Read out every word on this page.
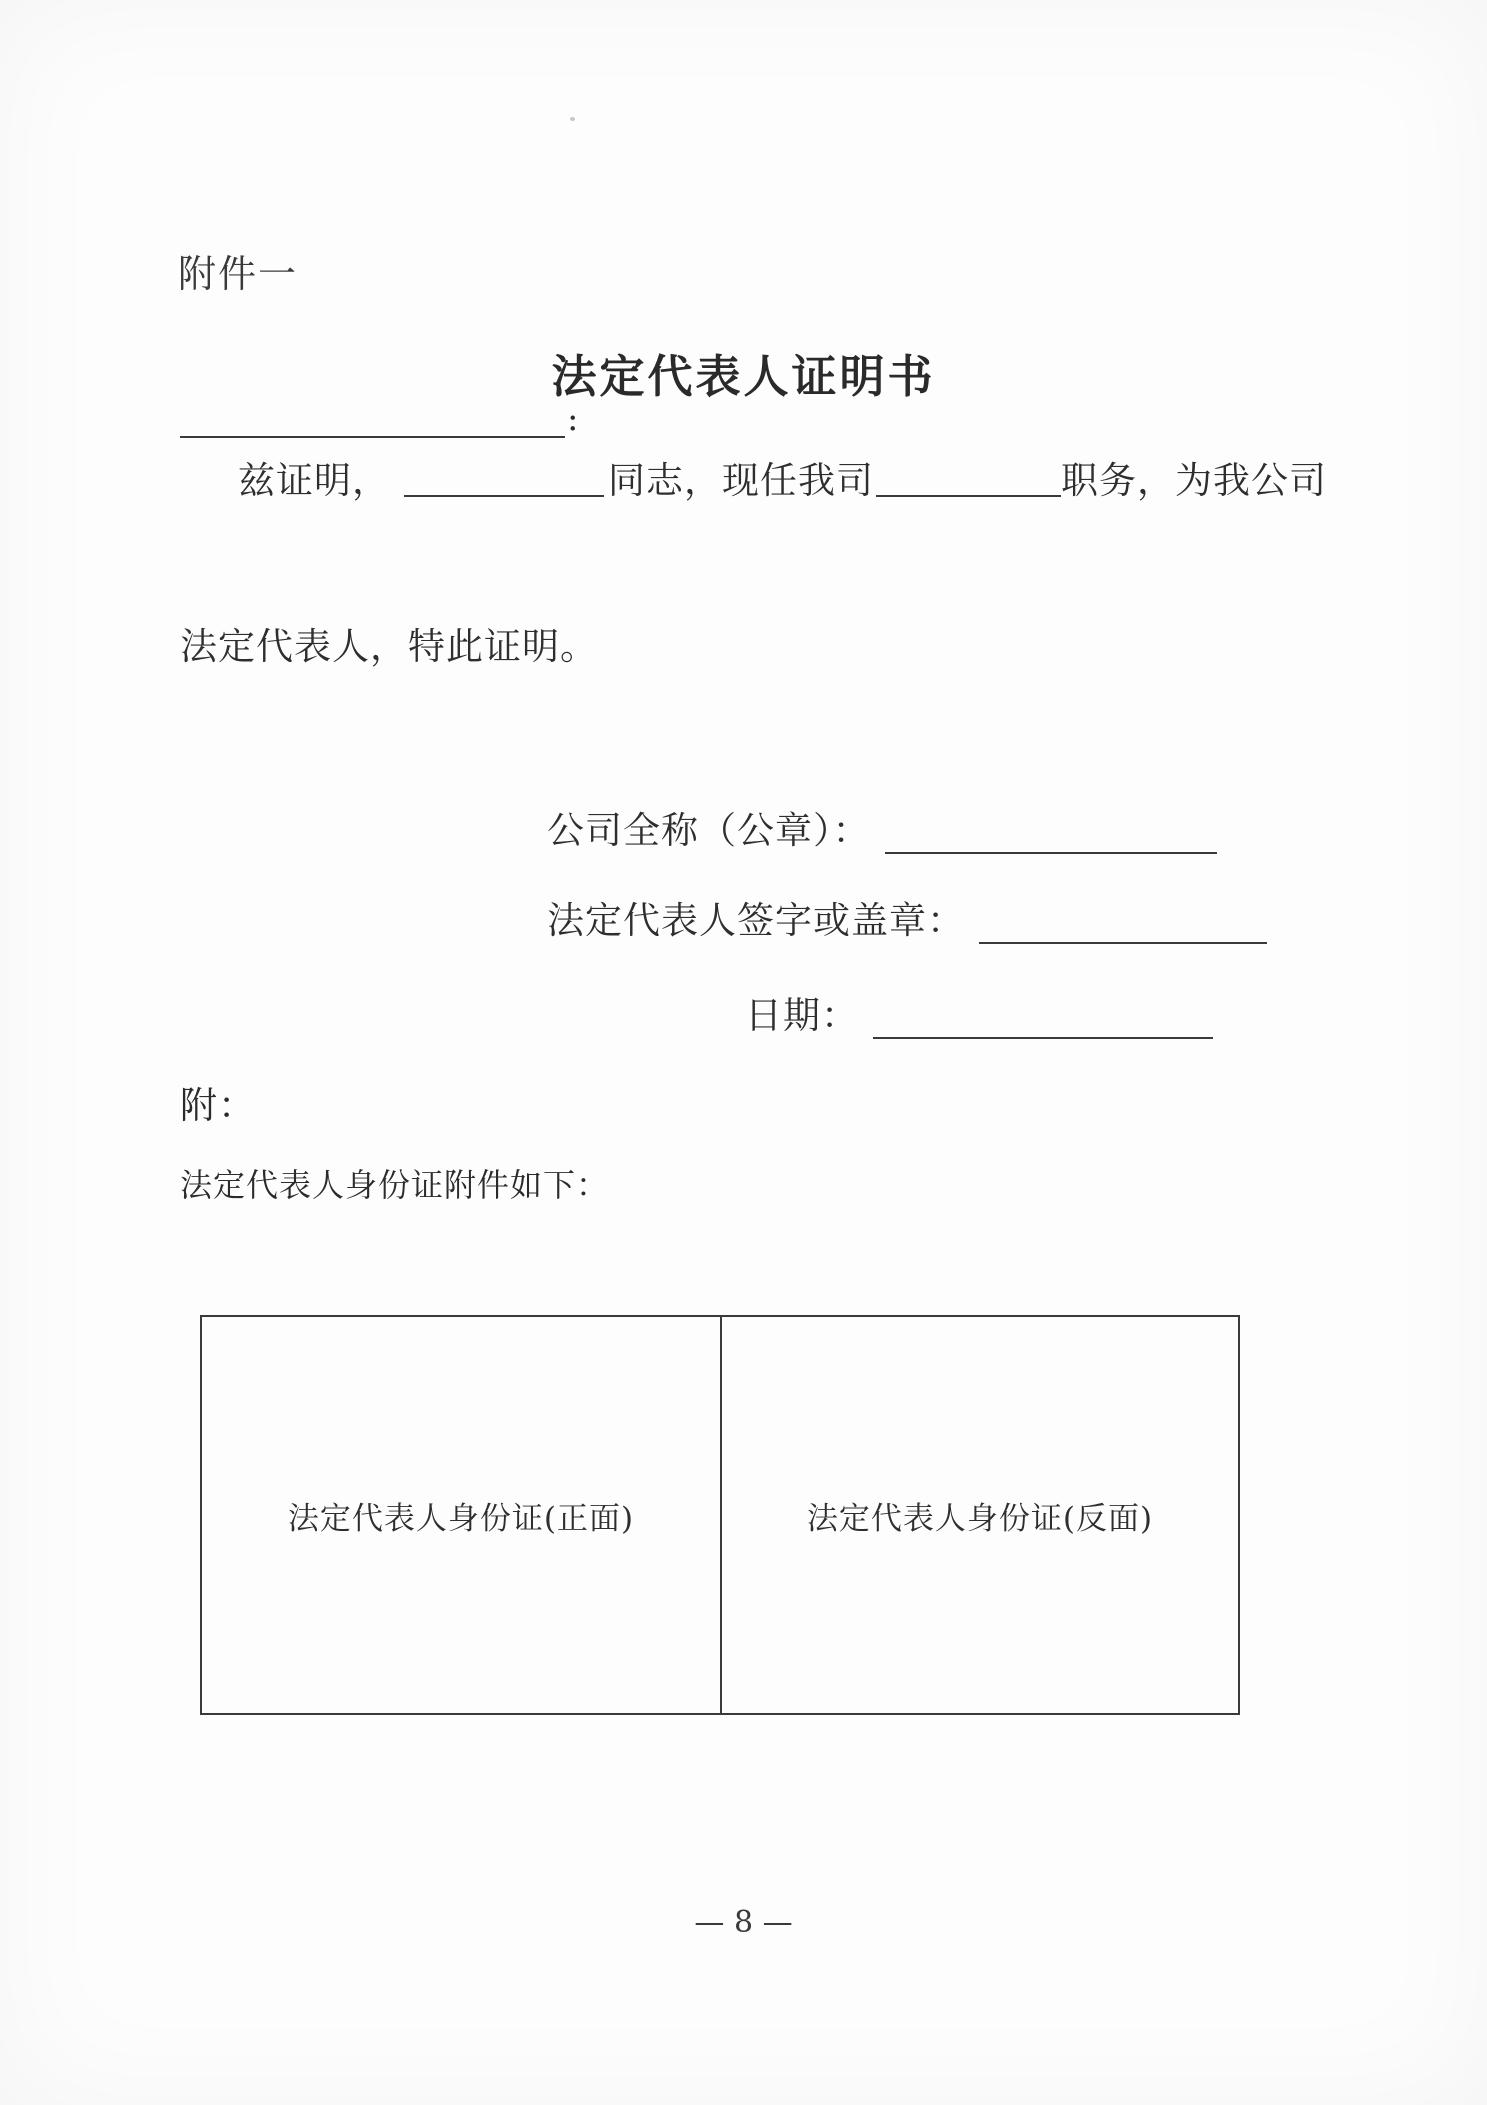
附件一
法定代表人证明书
:
兹证明，	同志，现任我司	职务，为我公司
法定代表人，特此证明。
公司全称（公章）：
法定代表人签字或盖章：
日期：
附：
法定代表人身份证附件如下：
法定代表人身份证(正面)	法定代表人身份证(反面)
— 8 —
